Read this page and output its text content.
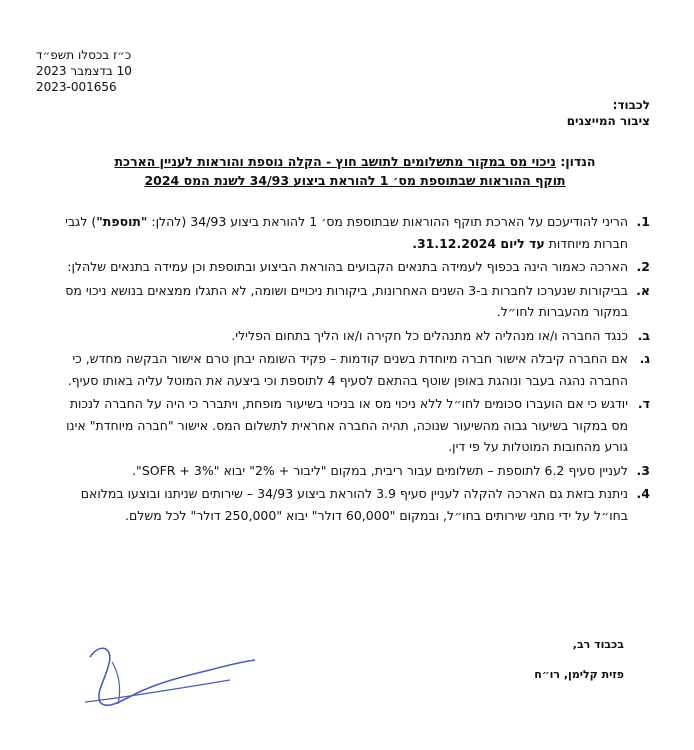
כ״ז בכסלו תשפ״ד
10 בדצמבר 2023
2023-001656
לכבוד:
ציבור המייצגים
הנדון: ניכוי מס במקור מתשלומים לתושב חוץ - הקלה נוספת והוראות לעניין הארכת
תוקף ההוראות שבתוספת מס׳ 1 להוראת ביצוע 34/93 לשנת המס 2024
1.
הריני להודיעכם על הארכת תוקף ההוראות שבתוספת מס׳ 1 להוראת ביצוע 34/93 (להלן: "תוספת") לגבי חברות מיוחדות עד ליום 31.12.2024.
2.
הארכה כאמור הינה בכפוף לעמידה בתנאים הקבועים בהוראת הביצוע ובתוספת וכן עמידה בתנאים שלהלן:
א.
בביקורות שנערכו לחברות ב-3 השנים האחרונות, ביקורות ניכויים ושומה, לא התגלו ממצאים בנושא ניכוי מס במקור מהעברות לחו״ל.
ב.
כנגד החברה ו/או מנהליה לא מתנהלים כל חקירה ו/או הליך בתחום הפלילי.
ג.
אם החברה קיבלה אישור חברה מיוחדת בשנים קודמות – פקיד השומה יבחן טרם אישור הבקשה מחדש, כי החברה נהגה בעבר ונוהגת באופן שוטף בהתאם לסעיף 4 לתוספת וכי ביצעה את המוטל עליה באותו סעיף.
ד.
יודגש כי אם הועברו סכומים לחו״ל ללא ניכוי מס או בניכוי בשיעור מופחת, ויתברר כי היה על החברה לנכות מס במקור בשיעור גבוה מהשיעור שנוכה, תהיה החברה אחראית לתשלום המס. אישור "חברה מיוחדת" אינו גורע מהחובות המוטלות על פי דין.
3.
לעניין סעיף 6.2 לתוספת – תשלומים עבור ריבית, במקום "ליבור + 2%" יבוא "SOFR + 3%".
4.
ניתנת בזאת גם הארכה להקלה לעניין סעיף 3.9 להוראת ביצוע 34/93 – שירותים שניתנו ובוצעו במלואם בחו״ל על ידי נותני שירותים בחו״ל, ובמקום "60,000 דולר" יבוא "250,000 דולר" לכל משלם.
בכבוד רב,
פזית קלימן, רו״ח
